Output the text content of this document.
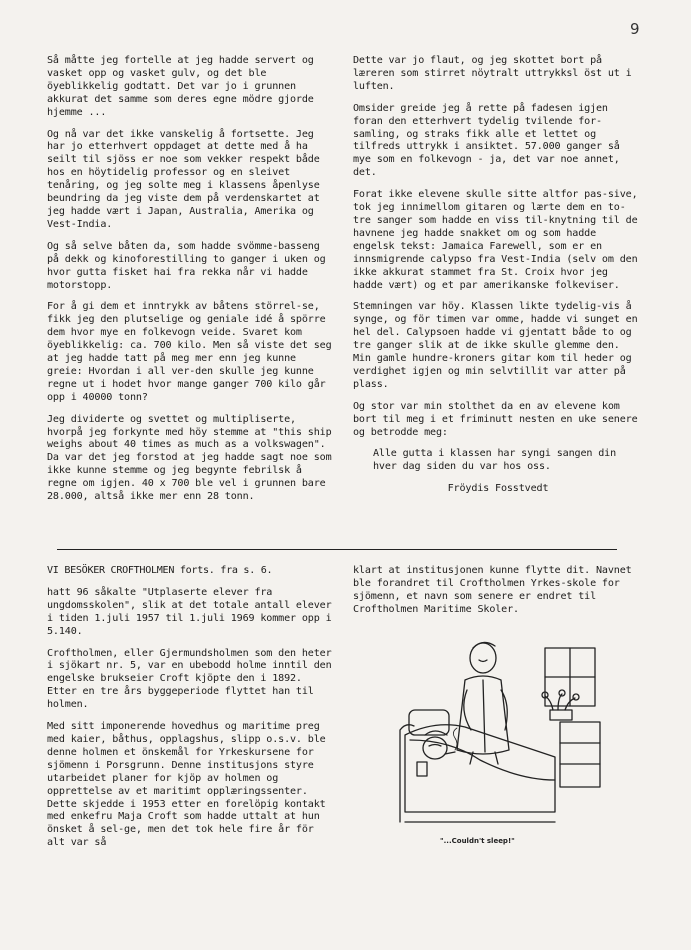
9

Så måtte jeg fortelle at jeg hadde servert og vasket opp og vasket gulv, og det ble öyeblikkelig godtatt. Det var jo i grunnen akkurat det samme som deres egne mödre gjorde hjemme ...

Og nå var det ikke vanskelig å fortsette. Jeg har jo etterhvert oppdaget at dette med å ha seilt til sjöss er noe som vekker respekt både hos en höytidelig professor og en sleivet tenåring, og jeg solte meg i klassens åpenlyse beundring da jeg viste dem på verdenskartet at jeg hadde vært i Japan, Australia, Amerika og Vest-India.

Og så selve båten da, som hadde svömme-basseng på dekk og kinoforestilling to ganger i uken og hvor gutta fisket hai fra rekka når vi hadde motorstopp.

For å gi dem et inntrykk av båtens störrel-se, fikk jeg den plutselige og geniale idé å spörre dem hvor mye en folkevogn veide. Svaret kom öyeblikkelig: ca. 700 kilo. Men så viste det seg at jeg hadde tatt på meg mer enn jeg kunne greie: Hvordan i all ver-den skulle jeg kunne regne ut i hodet hvor mange ganger 700 kilo går opp i 40000 tonn?

Jeg dividerte og svettet og multipliserte, hvorpå jeg forkynte med höy stemme at "this ship weighs about 40 times as much as a volkswagen". Da var det jeg forstod at jeg hadde sagt noe som ikke kunne stemme og jeg begynte febrilsk å regne om igjen. 40 x 700 ble vel i grunnen bare 28.000, altså ikke mer enn 28 tonn.

Dette var jo flaut, og jeg skottet bort på læreren som stirret nöytralt uttrykksl öst ut i luften.

Omsider greide jeg å rette på fadesen igjen foran den etterhvert tydelig tvilende for-samling, og straks fikk alle et lettet og tilfreds uttrykk i ansiktet. 57.000 ganger så mye som en folkevogn - ja, det var noe annet, det.

Forat ikke elevene skulle sitte altfor pas-sive, tok jeg innimellom gitaren og lærte dem en to-tre sanger som hadde en viss til-knytning til de havnene jeg hadde snakket om og som hadde engelsk tekst: Jamaica Farewell, som er en innsmigrende calypso fra Vest-India (selv om den ikke akkurat stammet fra St. Croix hvor jeg hadde vært) og et par amerikanske folkeviser.

Stemningen var höy. Klassen likte tydelig-vis å synge, og för timen var omme, hadde vi sunget en hel del. Calypsoen hadde vi gjentatt både to og tre ganger slik at de ikke skulle glemme den. Min gamle hundre-kroners gitar kom til heder og verdighet igjen og min selvtillit var atter på plass.

Og stor var min stolthet da en av elevene kom bort til meg i et friminutt nesten en uke senere og betrodde meg:

Alle gutta i klassen har syngi sangen din hver dag siden du var hos oss.

Fröydis Fosstvedt

VI BESÖKER CROFTHOLMEN forts. fra s. 6.

hatt 96 såkalte "Utplaserte elever fra ungdomsskolen", slik at det totale antall elever i tiden 1.juli 1957 til 1.juli 1969 kommer opp i 5.140.

Croftholmen, eller Gjermundsholmen som den heter i sjökart nr. 5, var en ubebodd holme inntil den engelske brukseier Croft kjöpte den i 1892. Etter en tre års byggeperiode flyttet han til holmen.

Med sitt imponerende hovedhus og maritime preg med kaier, båthus, opplagshus, slipp o.s.v. ble denne holmen et önskemål for Yrkeskursene for sjömenn i Porsgrunn. Denne institusjons styre utarbeidet planer for kjöp av holmen og opprettelse av et maritimt opplæringssenter. Dette skjedde i 1953 etter en forelöpig kontakt med enkefru Maja Croft som hadde uttalt at hun önsket å sel-ge, men det tok hele fire år för alt var så

klart at institusjonen kunne flytte dit. Navnet ble forandret til Croftholmen Yrkes-skole for sjömenn, et navn som senere er endret til Croftholmen Maritime Skoler.

"...Couldn't sleep!"
